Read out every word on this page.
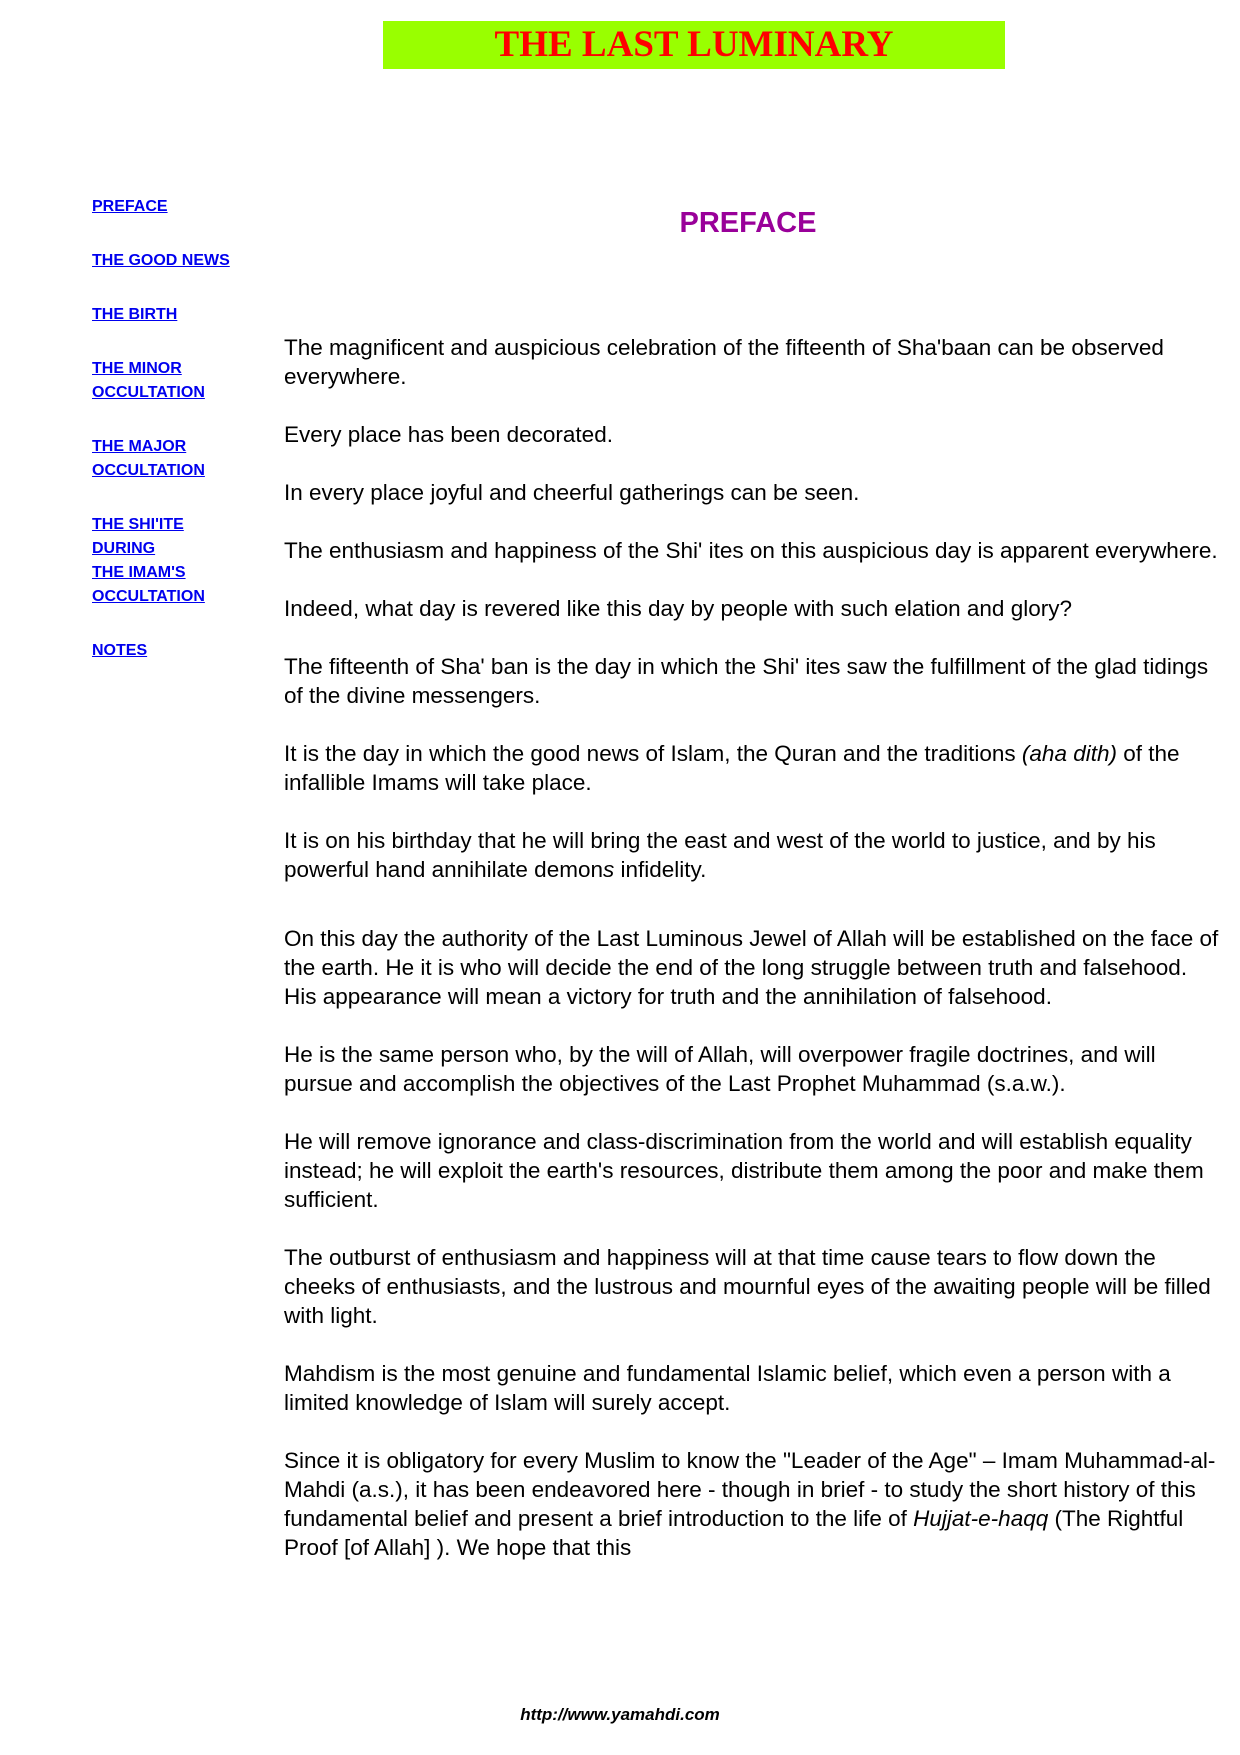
THE LAST LUMINARY
PREFACE
THE GOOD NEWS
THE BIRTH
THE MINOR
OCCULTATION
THE MAJOR
OCCULTATION
THE SHI'ITE
DURING
THE IMAM'S
OCCULTATION
NOTES
PREFACE

The magnificent and auspicious celebration of the fifteenth of Sha'baan can be observed everywhere.

Every place has been decorated.

In every place joyful and cheerful gatherings can be seen.

The enthusiasm and happiness of the Shi' ites on this auspicious day is apparent everywhere.

Indeed, what day is revered like this day by people with such elation and glory?

The fifteenth of Sha' ban is the day in which the Shi' ites saw the fulfillment of the glad tidings of the divine messengers.

It is the day in which the good news of Islam, the Quran and the traditions (aha dith) of the infallible Imams will take place.

It is on his birthday that he will bring the east and west of the world to justice, and by his powerful hand annihilate demons infidelity.

On this day the authority of the Last Luminous Jewel of Allah will be established on the face of the earth. He it is who will decide the end of the long struggle between truth and falsehood. His appearance will mean a victory for truth and the annihilation of falsehood.

He is the same person who, by the will of Allah, will overpower fragile doctrines, and will pursue and accomplish the objectives of the Last Prophet Muhammad (s.a.w.).

He will remove ignorance and class-discrimination from the world and will establish equality instead; he will exploit the earth's resources, distribute them among the poor and make them sufficient.

The outburst of enthusiasm and happiness will at that time cause tears to flow down the cheeks of enthusiasts, and the lustrous and mournful eyes of the awaiting people will be filled with light.

Mahdism is the most genuine and fundamental Islamic belief, which even a person with a limited knowledge of Islam will surely accept.

Since it is obligatory for every Muslim to know the "Leader of the Age" – Imam Muhammad-al-Mahdi (a.s.), it has been endeavored here - though in brief - to study the short history of this fundamental belief and present a brief introduction to the life of Hujjat-e-haqq (The Rightful Proof [of Allah] ). We hope that this

http://www.yamahdi.com
